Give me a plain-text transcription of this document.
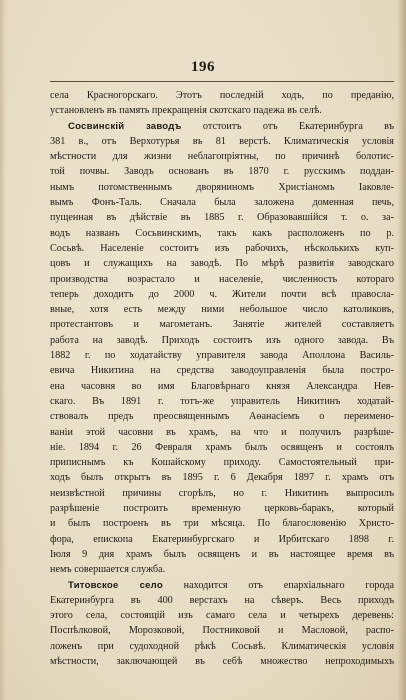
196
села Красногорскаго. Этотъ последній ходъ, по преданію,
установленъ въ память прекращенія скотскаго падежа въ селѣ.
Сосвинскій заводъ отстоитъ отъ Екатеринбурга въ
381 в., отъ Верхотурья въ 81 верстѣ. Климатическія условія
мѣстности для жизни неблагопріятны, по причинѣ болотис-
той почвы. Заводъ основанъ въ 1870 г. русскимъ поддан-
нымъ потомственнымъ дворяниномъ Христіаномъ Іаковле-
вымъ Фонъ-Таль. Сначала была заложена доменная печь,
пущенная въ дѣйствіе въ 1885 г. Образовавшійся т. о. за-
водъ названъ Сосьвинскимъ, такъ какъ расположенъ по р.
Сосьвѣ. Населеніе состоитъ изъ рабочихъ, нѣсколькихъ куп-
цовъ и служащихъ на заводѣ. По мѣрѣ развитія заводскаго
производства возрастало и населеніе, численность котораго
теперь доходитъ до 2000 ч. Жители почти всѣ правосла-
вные, хотя есть между ними небольшое число католиковъ,
протестантовъ и магометанъ. Занятіе жителей составляетъ
работа на заводѣ. Приходъ состоитъ изъ одного завода. Въ
1882 г. по ходатайству управителя завода Аполлона Василь-
евича Никитина на средства заводоуправленія была постро-
ена часовня во имя Благовѣрнаго князя Александра Нев-
скаго. Въ 1891 г. тотъ-же управитель Никитинъ ходатай-
ствовалъ предъ преосвященнымъ Аѳанасіемъ о переимено-
ваніи этой часовни въ храмъ, на что и получилъ разрѣше-
ніе. 1894 г. 26 Февраля храмъ былъ освященъ и состоялъ
приписнымъ къ Кошайскому приходу. Самостоятельный при-
ходъ былъ открытъ въ 1895 г. 6 Декабря 1897 г. храмъ отъ
неизвѣстной причины сгорѣлъ, но г. Никитинъ выпросилъ
разрѣшеніе построить временную церковь-баракъ, который
и былъ построенъ въ три мѣсяца. По благословенію Христо-
фора, епископа Екатеринбургскаго и Ирбитскаго 1898 г.
Іюля 9 дня храмъ былъ освященъ и въ настоящее время въ
немъ совершается служба.
Титовское село находится отъ епархіальнаго города
Екатеринбурга въ 400 верстахъ на сѣверъ. Весь приходъ
этого села, состоящій изъ самаго села и четырехъ деревень:
Поспѣлковой, Морозковой, Постниковой и Масловой, распо-
ложенъ при судоходной рѣкѣ Сосьвѣ. Климатическія условія
мѣстности, заключающей въ себѣ множество непроходимыхъ
